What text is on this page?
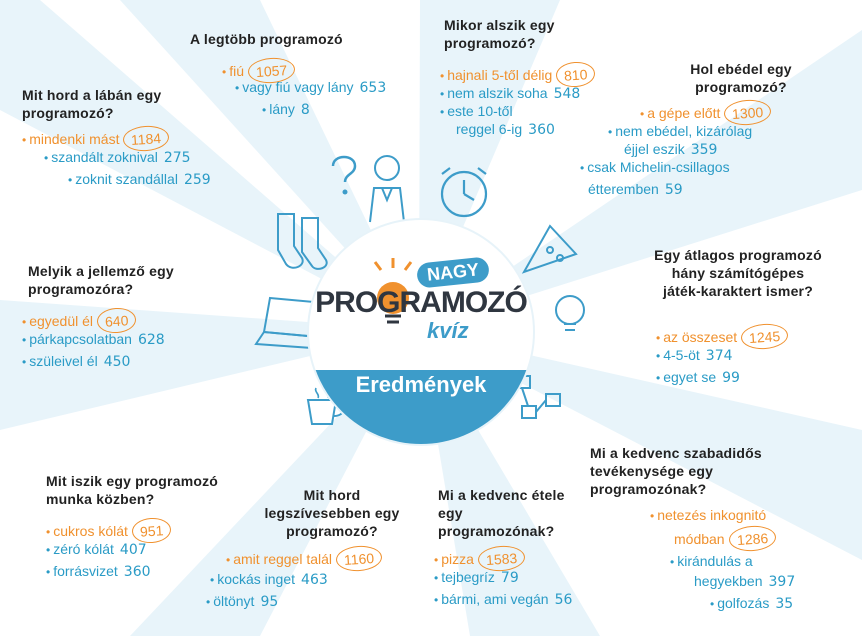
NAGY
PROGRAMOZÓ
kvíz
Eredmények
A legtöbb programozó
• fiú 1057
• vagy fiú vagy lány 653
• lány 8
Mikor alszik egy programozó?
• hajnali 5-től délig 810
• nem alszik soha 548
• este 10-től
reggel 6-ig 360
Hol ebédel egy programozó?
• a gépe előtt 1300
• nem ebédel, kizárólag
éjjel eszik 359
• csak Michelin-csillagos
étteremben 59
Mit hord a lábán egy programozó?
• mindenki mást 1184
• szandált zoknival 275
• zoknit szandállal 259
Melyik a jellemző egy programozóra?
• egyedül él 640
• párkapcsolatban 628
• szüleivel él 450
Egy átlagos programozó hány számítógépes játék-karaktert ismer?
• az összeset 1245
• 4-5-öt 374
• egyet se 99
Mit iszik egy programozó munka közben?
• cukros kólát 951
• zéró kólát 407
• forrásvizet 360
Mit hord legszívesebben egy programozó?
• amit reggel talál 1160
• kockás inget 463
• öltönyt 95
Mi a kedvenc étele egy programozónak?
• pizza 1583
• tejbegríz 79
• bármi, ami vegán 56
Mi a kedvenc szabadidős tevékenysége egy programozónak?
• netezés inkognitó
módban 1286
• kirándulás a
hegyekben 397
• golfozás 35
